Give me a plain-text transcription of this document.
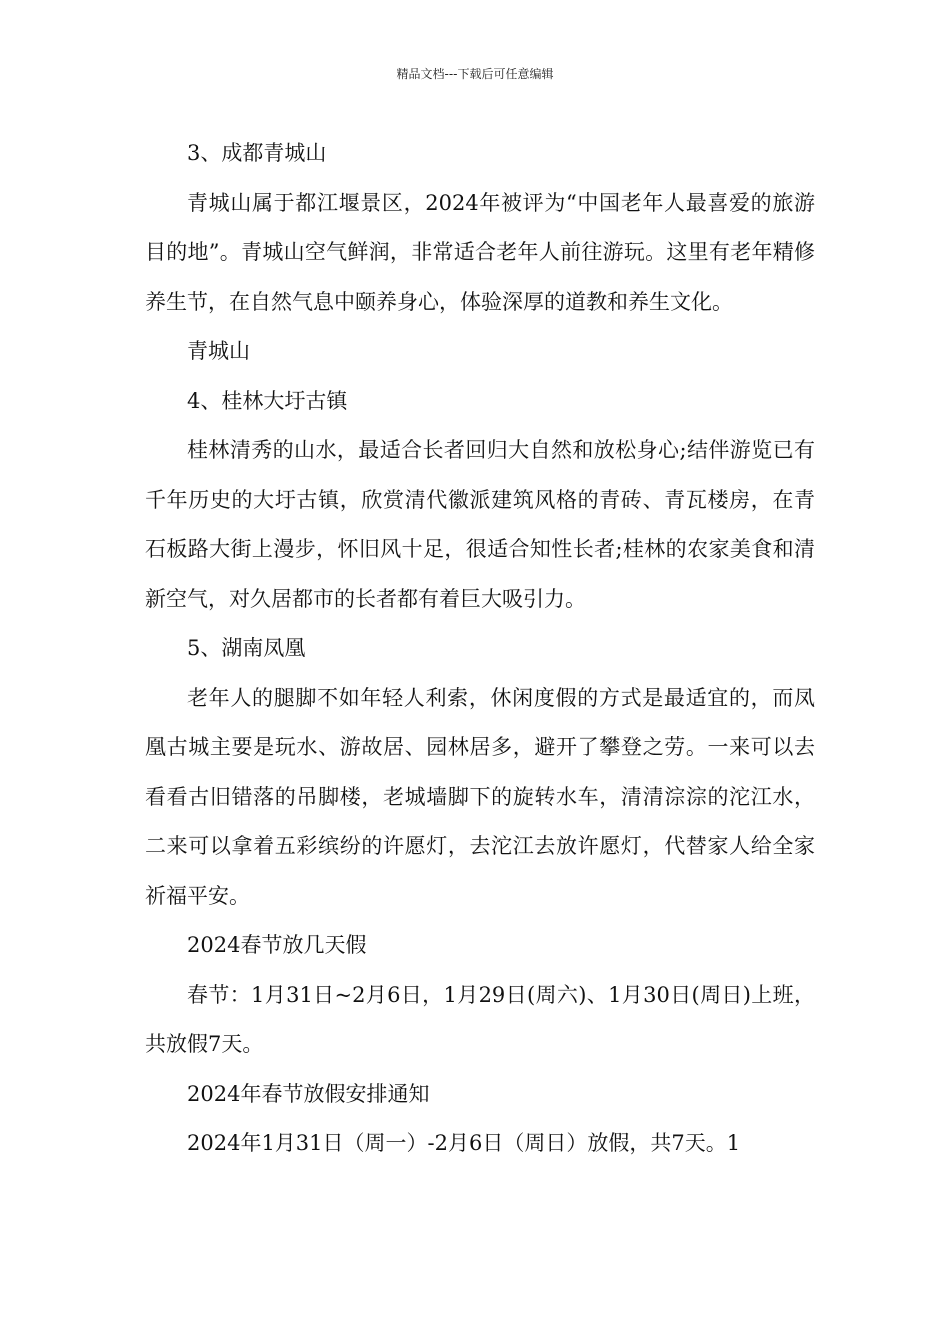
精品文档---下载后可任意编辑

3、成都青城山

青城山属于都江堰景区，2024年被评为“中国老年人最喜爱的旅游目的地”。青城山空气鲜润，非常适合老年人前往游玩。这里有老年精修养生节，在自然气息中颐养身心，体验深厚的道教和养生文化。

青城山

4、桂林大圩古镇

桂林清秀的山水，最适合长者回归大自然和放松身心;结伴游览已有千年历史的大圩古镇，欣赏清代徽派建筑风格的青砖、青瓦楼房，在青石板路大街上漫步，怀旧风十足，很适合知性长者;桂林的农家美食和清新空气，对久居都市的长者都有着巨大吸引力。

5、湖南凤凰

老年人的腿脚不如年轻人利索，休闲度假的方式是最适宜的，而凤凰古城主要是玩水、游故居、园林居多，避开了攀登之劳。一来可以去看看古旧错落的吊脚楼，老城墙脚下的旋转水车，清清淙淙的沱江水，二来可以拿着五彩缤纷的许愿灯，去沱江去放许愿灯，代替家人给全家祈福平安。

2024春节放几天假

春节：1月31日~2月6日，1月29日(周六)、1月30日(周日)上班，共放假7天。

2024年春节放假安排通知

2024年1月31日（周一）-2月6日（周日）放假，共7天。1
